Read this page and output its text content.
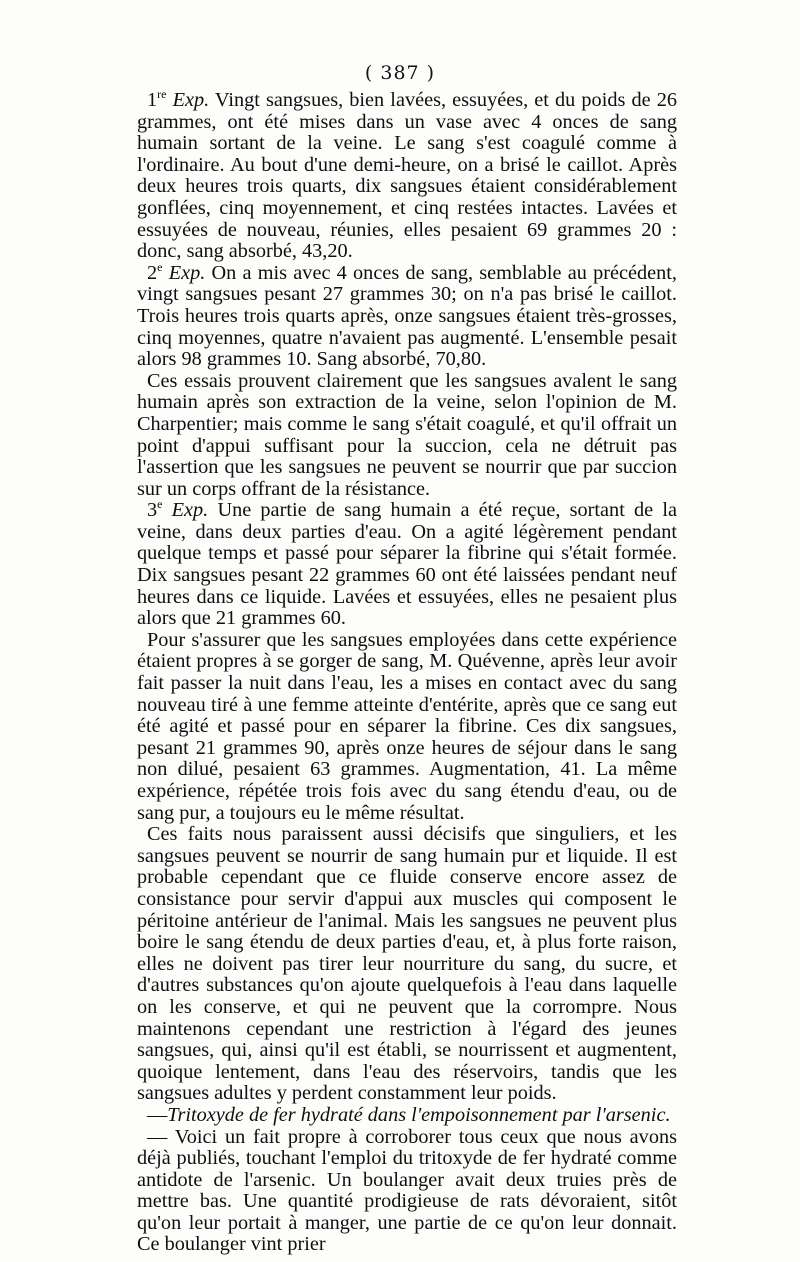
( 387 )

1re Exp. Vingt sangsues, bien lavées, essuyées, et du poids de 26 grammes, ont été mises dans un vase avec 4 onces de sang humain sortant de la veine. Le sang s'est coagulé comme à l'ordinaire. Au bout d'une demi-heure, on a brisé le caillot. Après deux heures trois quarts, dix sangsues étaient considérablement gonflées, cinq moyennement, et cinq restées intactes. Lavées et essuyées de nouveau, réunies, elles pesaient 69 grammes 20 : donc, sang absorbé, 43,20.

2e Exp. On a mis avec 4 onces de sang, semblable au précédent, vingt sangsues pesant 27 grammes 30; on n'a pas brisé le caillot. Trois heures trois quarts après, onze sangsues étaient très-grosses, cinq moyennes, quatre n'avaient pas augmenté. L'ensemble pesait alors 98 grammes 10. Sang absorbé, 70,80.

Ces essais prouvent clairement que les sangsues avalent le sang humain après son extraction de la veine, selon l'opinion de M. Charpentier; mais comme le sang s'était coagulé, et qu'il offrait un point d'appui suffisant pour la succion, cela ne détruit pas l'assertion que les sangsues ne peuvent se nourrir que par succion sur un corps offrant de la résistance.

3e Exp. Une partie de sang humain a été reçue, sortant de la veine, dans deux parties d'eau. On a agité légèrement pendant quelque temps et passé pour séparer la fibrine qui s'était formée. Dix sangsues pesant 22 grammes 60 ont été laissées pendant neuf heures dans ce liquide. Lavées et essuyées, elles ne pesaient plus alors que 21 grammes 60.

Pour s'assurer que les sangsues employées dans cette expérience étaient propres à se gorger de sang, M. Quévenne, après leur avoir fait passer la nuit dans l'eau, les a mises en contact avec du sang nouveau tiré à une femme atteinte d'entérite, après que ce sang eut été agité et passé pour en séparer la fibrine. Ces dix sangsues, pesant 21 grammes 90, après onze heures de séjour dans le sang non dilué, pesaient 63 grammes. Augmentation, 41. La même expérience, répétée trois fois avec du sang étendu d'eau, ou de sang pur, a toujours eu le même résultat.

Ces faits nous paraissent aussi décisifs que singuliers, et les sangsues peuvent se nourrir de sang humain pur et liquide. Il est probable cependant que ce fluide conserve encore assez de consistance pour servir d'appui aux muscles qui composent le péritoine antérieur de l'animal. Mais les sangsues ne peuvent plus boire le sang étendu de deux parties d'eau, et, à plus forte raison, elles ne doivent pas tirer leur nourriture du sang, du sucre, et d'autres substances qu'on ajoute quelquefois à l'eau dans laquelle on les conserve, et qui ne peuvent que la corrompre. Nous maintenons cependant une restriction à l'égard des jeunes sangsues, qui, ainsi qu'il est établi, se nourrissent et augmentent, quoique lentement, dans l'eau des réservoirs, tandis que les sangsues adultes y perdent constamment leur poids.

—Tritoxyde de fer hydraté dans l'empoisonnement par l'arsenic.

— Voici un fait propre à corroborer tous ceux que nous avons déjà publiés, touchant l'emploi du tritoxyde de fer hydraté comme antidote de l'arsenic. Un boulanger avait deux truies près de mettre bas. Une quantité prodigieuse de rats dévoraient, sitôt qu'on leur portait à manger, une partie de ce qu'on leur donnait. Ce boulanger vint prier
